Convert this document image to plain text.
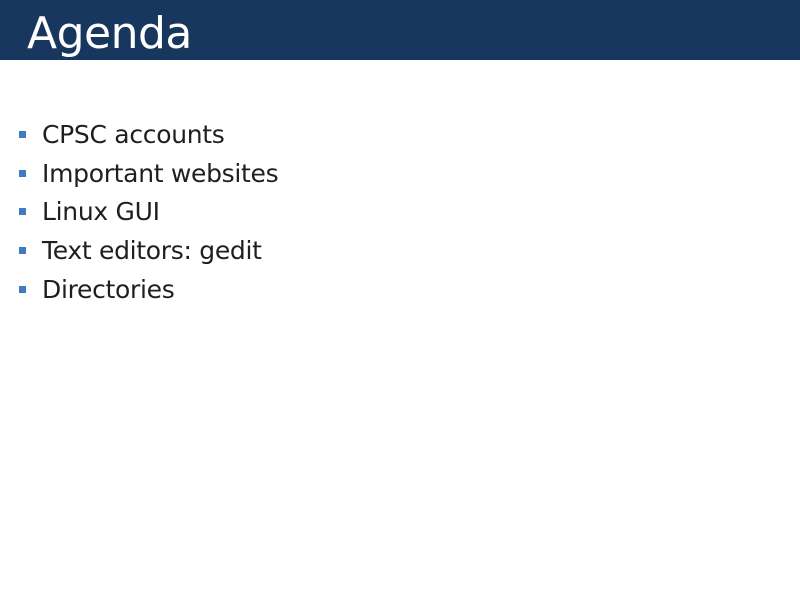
Agenda
CPSC accounts
Important websites
Linux GUI
Text editors: gedit
Directories
